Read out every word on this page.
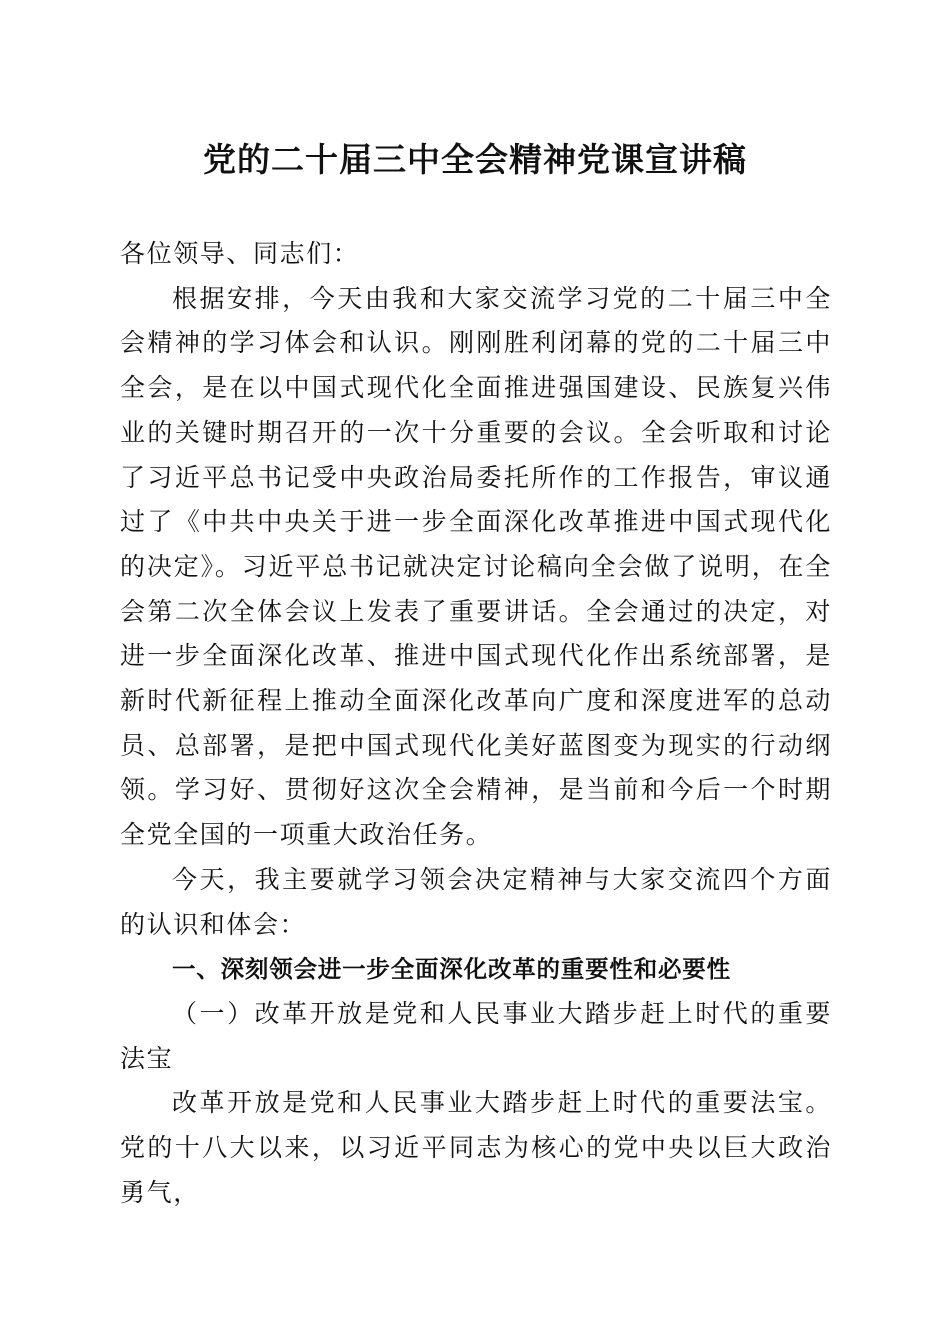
党的二十届三中全会精神党课宣讲稿

各位领导、同志们：

根据安排，今天由我和大家交流学习党的二十届三中全会精神的学习体会和认识。刚刚胜利闭幕的党的二十届三中全会，是在以中国式现代化全面推进强国建设、民族复兴伟业的关键时期召开的一次十分重要的会议。全会听取和讨论了习近平总书记受中央政治局委托所作的工作报告，审议通过了《中共中央关于进一步全面深化改革推进中国式现代化的决定》。习近平总书记就决定讨论稿向全会做了说明，在全会第二次全体会议上发表了重要讲话。全会通过的决定，对进一步全面深化改革、推进中国式现代化作出系统部署，是新时代新征程上推动全面深化改革向广度和深度进军的总动员、总部署，是把中国式现代化美好蓝图变为现实的行动纲领。学习好、贯彻好这次全会精神，是当前和今后一个时期全党全国的一项重大政治任务。

今天，我主要就学习领会决定精神与大家交流四个方面的认识和体会：

一、深刻领会进一步全面深化改革的重要性和必要性

（一）改革开放是党和人民事业大踏步赶上时代的重要法宝

改革开放是党和人民事业大踏步赶上时代的重要法宝。党的十八大以来，以习近平同志为核心的党中央以巨大政治勇气，
